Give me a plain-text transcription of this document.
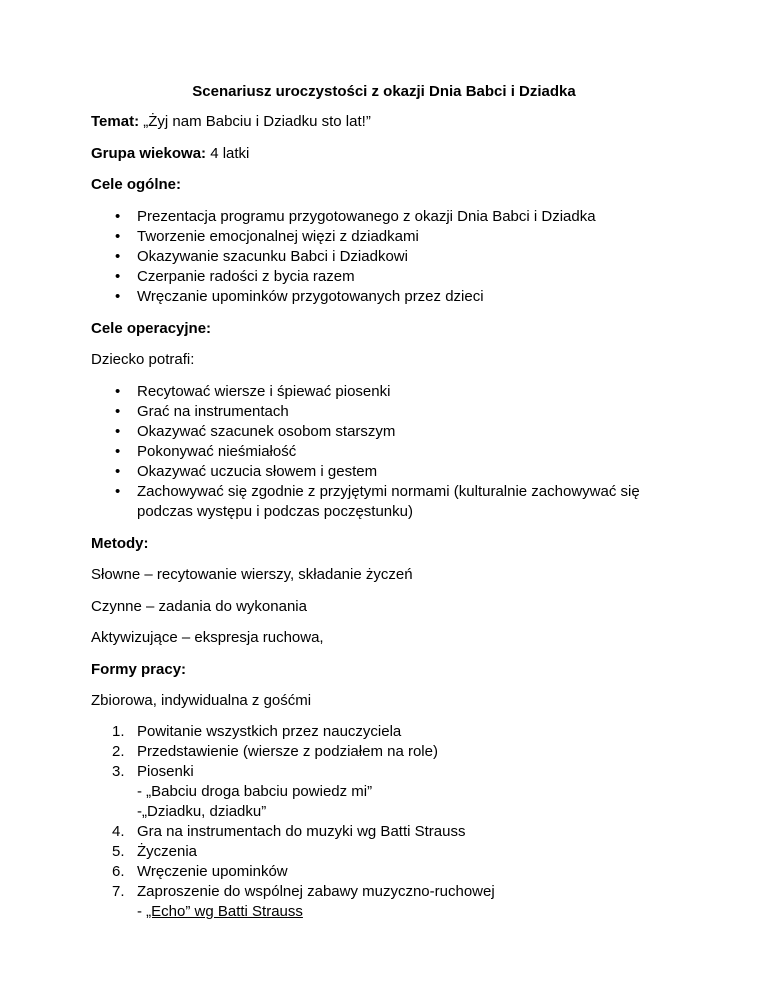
Scenariusz uroczystości z okazji Dnia Babci i Dziadka
Temat: „Żyj nam Babciu i Dziadku sto lat!”
Grupa wiekowa: 4 latki
Cele ogólne:
•
Prezentacja programu przygotowanego z okazji Dnia Babci i Dziadka
•
Tworzenie emocjonalnej więzi z dziadkami
•
Okazywanie szacunku Babci i Dziadkowi
•
Czerpanie radości z bycia razem
•
Wręczanie upominków przygotowanych przez dzieci
Cele operacyjne:
Dziecko potrafi:
•
Recytować wiersze i śpiewać piosenki
•
Grać na instrumentach
•
Okazywać szacunek osobom starszym
•
Pokonywać nieśmiałość
•
Okazywać uczucia słowem i gestem
•
Zachowywać się zgodnie z przyjętymi normami (kulturalnie zachowywać się
podczas występu i podczas poczęstunku)
Metody:
Słowne – recytowanie wierszy, składanie życzeń
Czynne – zadania do wykonania
Aktywizujące – ekspresja ruchowa,
Formy pracy:
Zbiorowa, indywidualna z gośćmi
1. Powitanie wszystkich przez nauczyciela
2. Przedstawienie (wiersze z podziałem na role)
3. Piosenki
- „Babciu droga babciu powiedz mi”
-„Dziadku, dziadku”
4. Gra na instrumentach do muzyki wg Batti Strauss
5. Życzenia
6. Wręczenie upominków
7. Zaproszenie do wspólnej zabawy muzyczno-ruchowej
- „Echo” wg Batti Strauss
